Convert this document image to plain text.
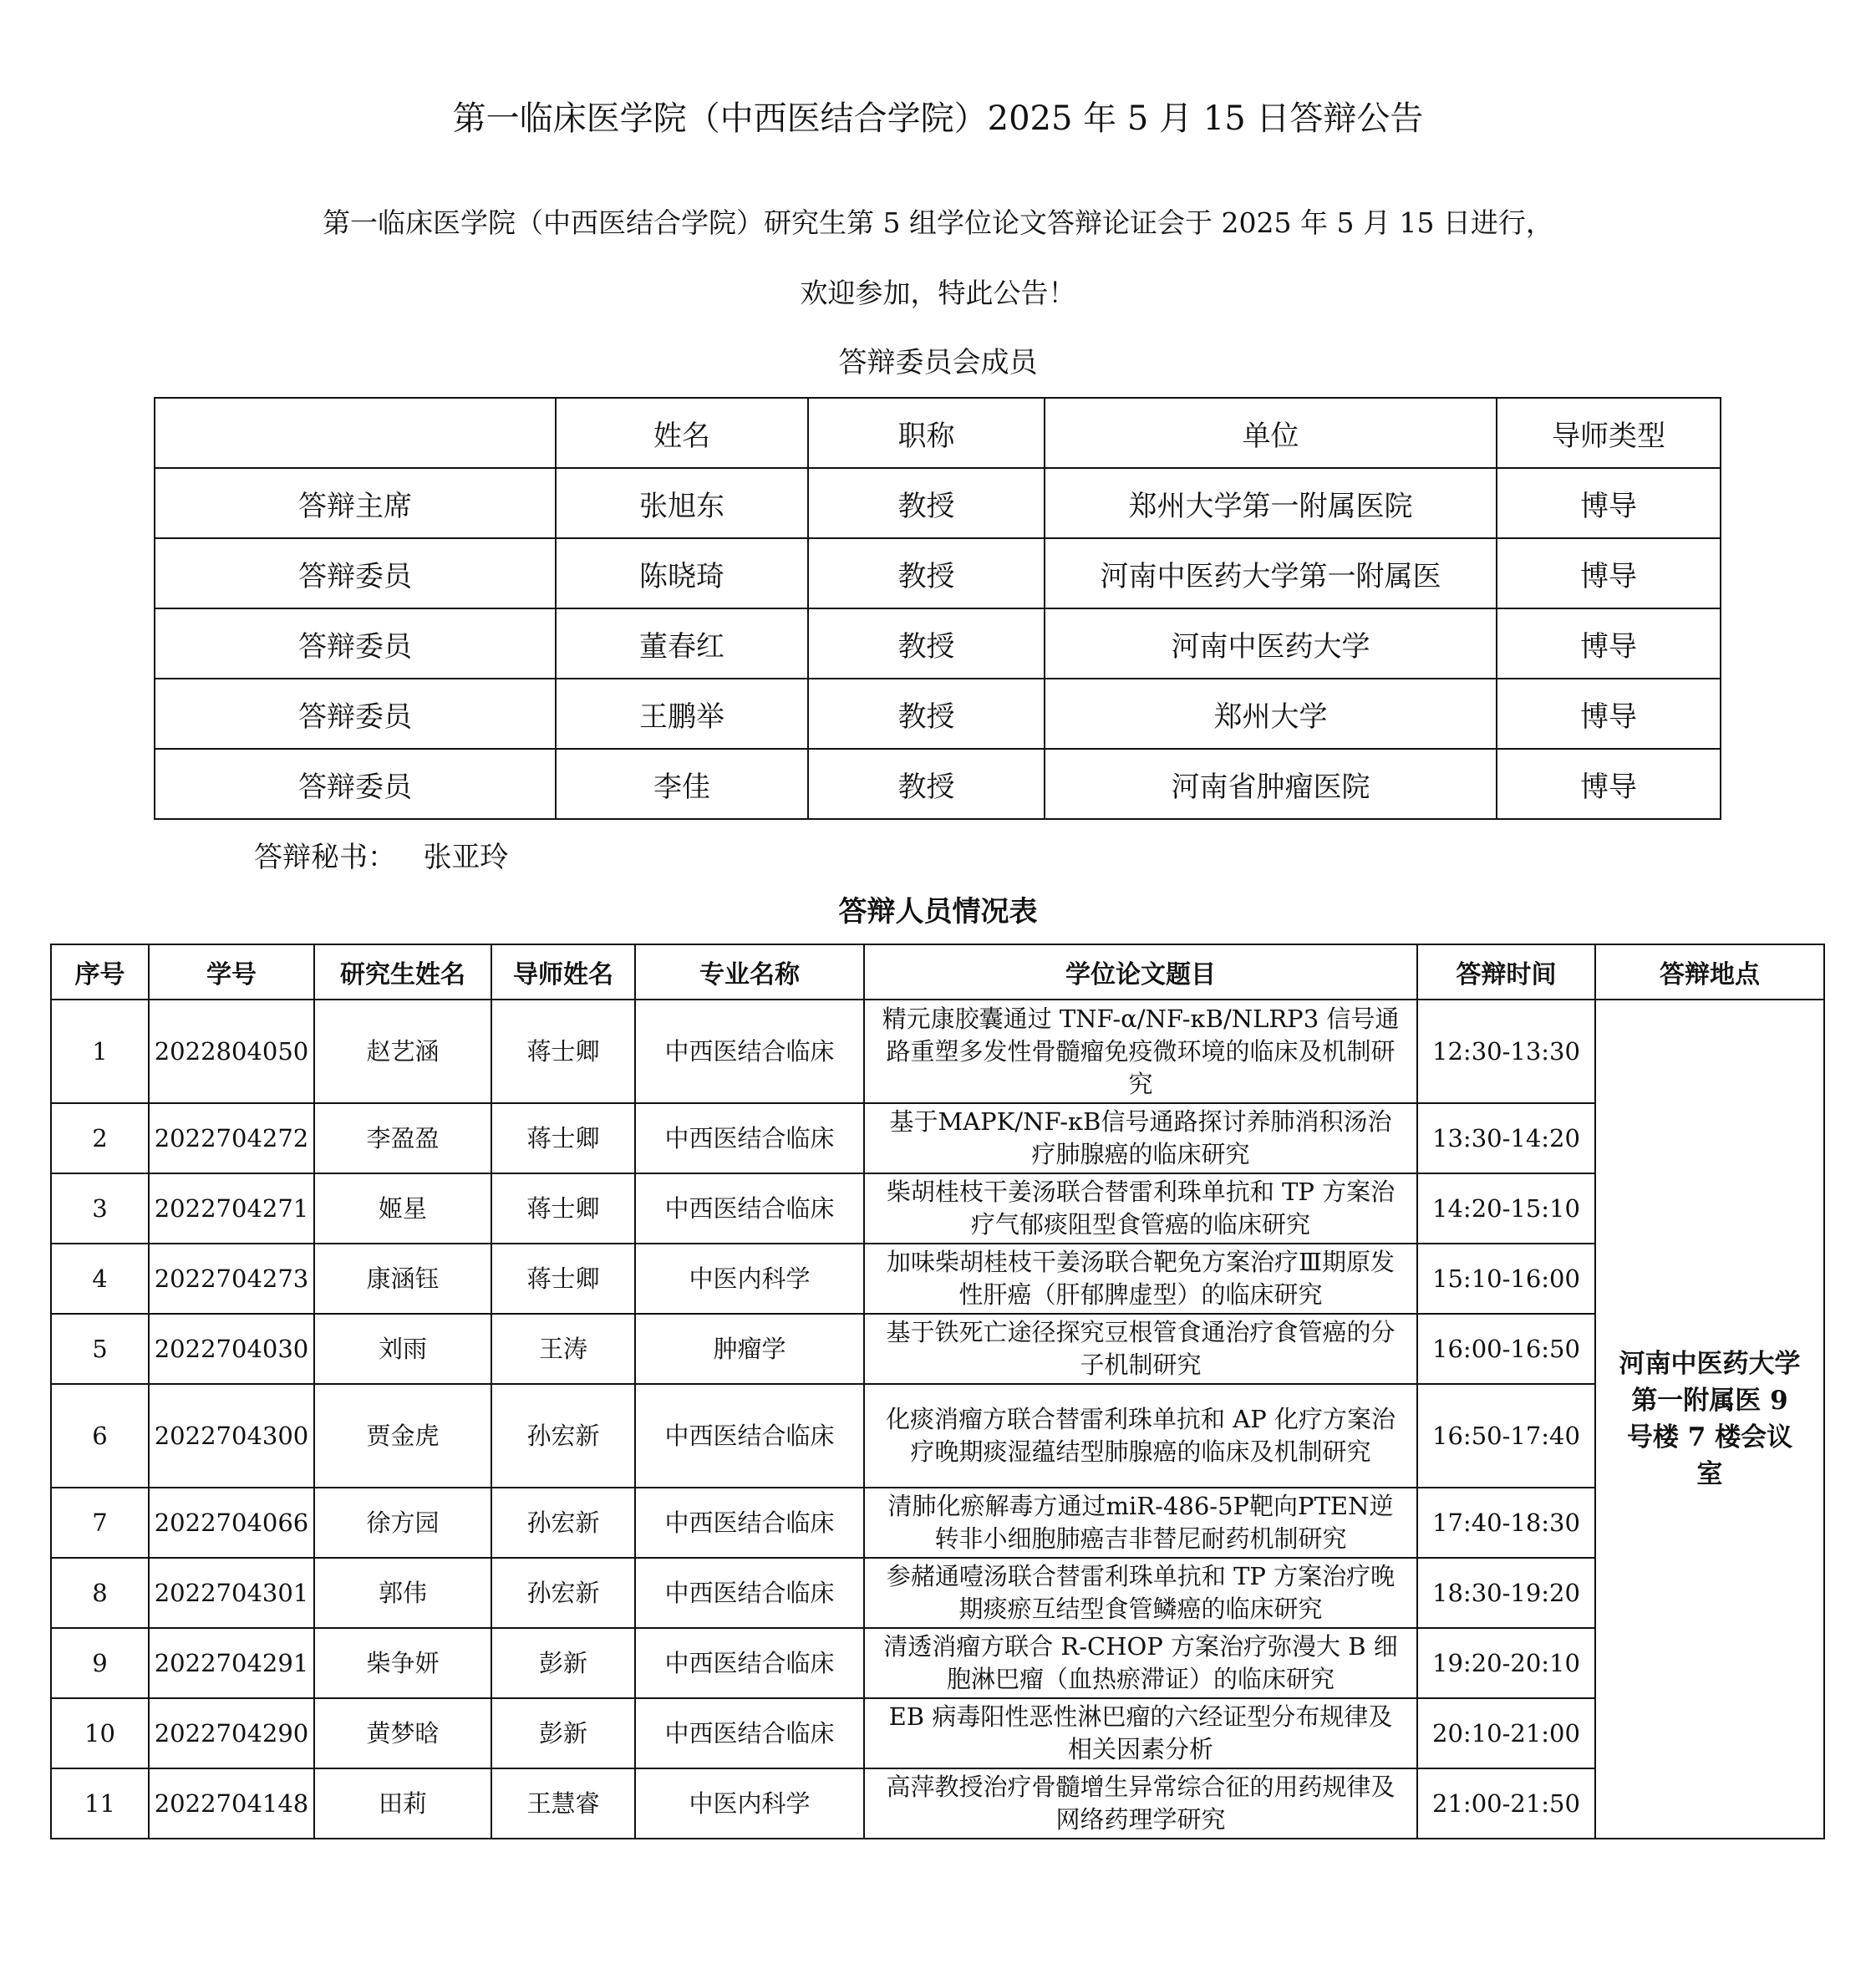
第一临床医学院（中西医结合学院）2025 年 5 月 15 日答辩公告
第一临床医学院（中西医结合学院）研究生第 5 组学位论文答辩论证会于 2025 年 5 月 15 日进行，
欢迎参加，特此公告！
答辩委员会成员
	姓名	职称	单位	导师类型
答辩主席	张旭东	教授	郑州大学第一附属医院	博导
答辩委员	陈晓琦	教授	河南中医药大学第一附属医	博导
答辩委员	董春红	教授	河南中医药大学	博导
答辩委员	王鹏举	教授	郑州大学	博导
答辩委员	李佳	教授	河南省肿瘤医院	博导
答辩秘书： 张亚玲
答辩人员情况表
序号	学号	研究生姓名	导师姓名	专业名称	学位论文题目	答辩时间	答辩地点
1	2022804050	赵艺涵	蒋士卿	中西医结合临床	精元康胶囊通过 TNF-α/NF-κB/NLRP3 信号通路重塑多发性骨髓瘤免疫微环境的临床及机制研究	12:30-13:30	河南中医药大学第一附属医 9 号楼 7 楼会议室
2	2022704272	李盈盈	蒋士卿	中西医结合临床	基于MAPK/NF-κB信号通路探讨养肺消积汤治疗肺腺癌的临床研究	13:30-14:20	
3	2022704271	姬星	蒋士卿	中西医结合临床	柴胡桂枝干姜汤联合替雷利珠单抗和 TP 方案治疗气郁痰阻型食管癌的临床研究	14:20-15:10	
4	2022704273	康涵钰	蒋士卿	中医内科学	加味柴胡桂枝干姜汤联合靶免方案治疗Ⅲ期原发性肝癌（肝郁脾虚型）的临床研究	15:10-16:00	
5	2022704030	刘雨	王涛	肿瘤学	基于铁死亡途径探究豆根管食通治疗食管癌的分子机制研究	16:00-16:50	
6	2022704300	贾金虎	孙宏新	中西医结合临床	化痰消瘤方联合替雷利珠单抗和 AP 化疗方案治疗晚期痰湿蕴结型肺腺癌的临床及机制研究	16:50-17:40	
7	2022704066	徐方园	孙宏新	中西医结合临床	清肺化瘀解毒方通过miR-486-5P靶向PTEN逆转非小细胞肺癌吉非替尼耐药机制研究	17:40-18:30	
8	2022704301	郭伟	孙宏新	中西医结合临床	参赭通噎汤联合替雷利珠单抗和 TP 方案治疗晚期痰瘀互结型食管鳞癌的临床研究	18:30-19:20	
9	2022704291	柴争妍	彭新	中西医结合临床	清透消瘤方联合 R-CHOP 方案治疗弥漫大 B 细胞淋巴瘤（血热瘀滞证）的临床研究	19:20-20:10	
10	2022704290	黄梦晗	彭新	中西医结合临床	EB 病毒阳性恶性淋巴瘤的六经证型分布规律及相关因素分析	20:10-21:00	
11	2022704148	田莉	王慧睿	中医内科学	高萍教授治疗骨髓增生异常综合征的用药规律及网络药理学研究	21:00-21:50	
